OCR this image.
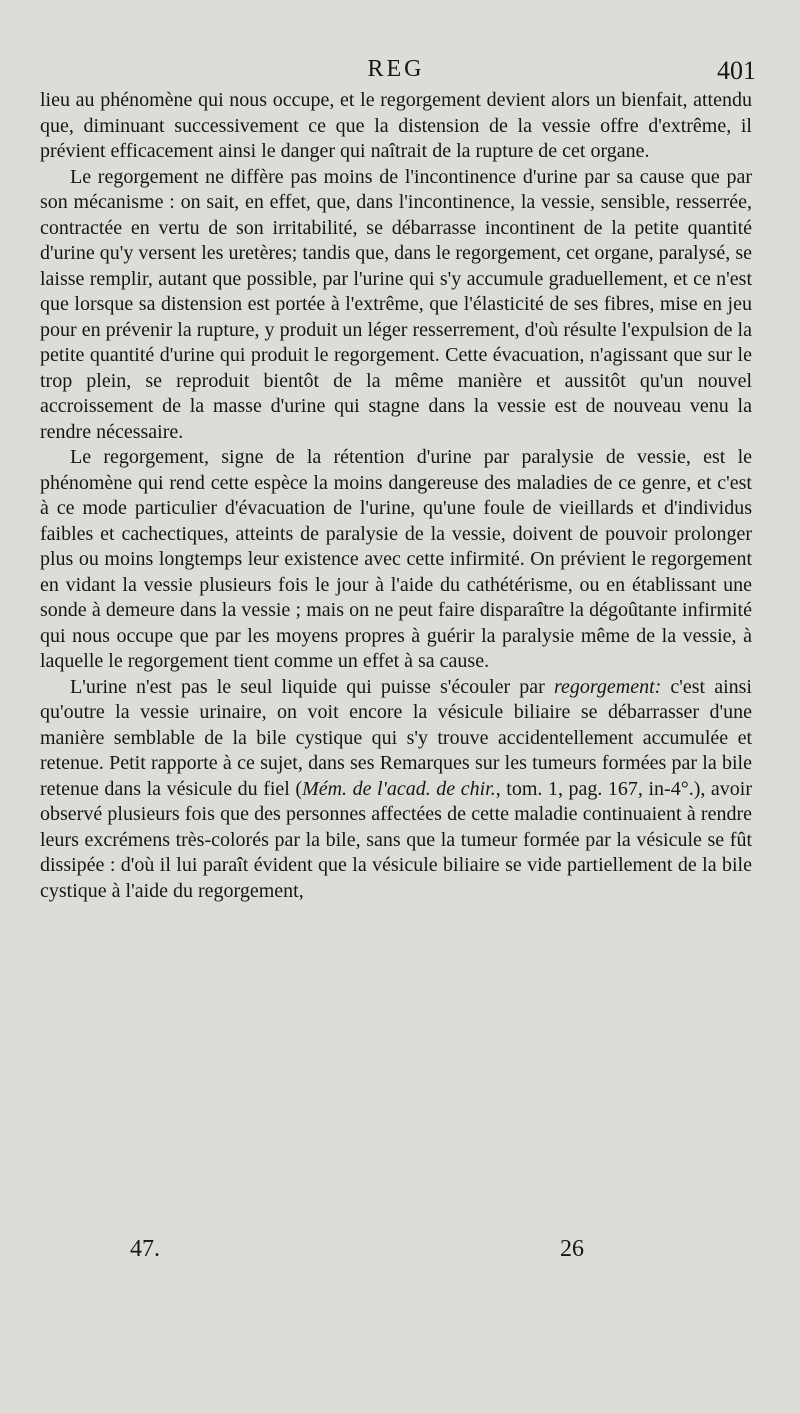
REG	401

lieu au phénomène qui nous occupe, et le regorgement devient alors un bienfait, attendu que, diminuant successivement ce que la distension de la vessie offre d'extrême, il prévient efficacement ainsi le danger qui naîtrait de la rupture de cet organe.

Le regorgement ne diffère pas moins de l'incontinence d'urine par sa cause que par son mécanisme : on sait, en effet, que, dans l'incontinence, la vessie, sensible, resserrée, contractée en vertu de son irritabilité, se débarrasse incontinent de la petite quantité d'urine qu'y versent les uretères; tandis que, dans le regorgement, cet organe, paralysé, se laisse remplir, autant que possible, par l'urine qui s'y accumule graduellement, et ce n'est que lorsque sa distension est portée à l'extrême, que l'élasticité de ses fibres, mise en jeu pour en prévenir la rupture, y produit un léger resserrement, d'où résulte l'expulsion de la petite quantité d'urine qui produit le regorgement. Cette évacuation, n'agissant que sur le trop plein, se reproduit bientôt de la même manière et aussitôt qu'un nouvel accroissement de la masse d'urine qui stagne dans la vessie est de nouveau venu la rendre nécessaire.

Le regorgement, signe de la rétention d'urine par paralysie de vessie, est le phénomène qui rend cette espèce la moins dangereuse des maladies de ce genre, et c'est à ce mode particulier d'évacuation de l'urine, qu'une foule de vieillards et d'individus faibles et cachectiques, atteints de paralysie de la vessie, doivent de pouvoir prolonger plus ou moins longtemps leur existence avec cette infirmité. On prévient le regorgement en vidant la vessie plusieurs fois le jour à l'aide du cathétérisme, ou en établissant une sonde à demeure dans la vessie ; mais on ne peut faire disparaître la dégoûtante infirmité qui nous occupe que par les moyens propres à guérir la paralysie même de la vessie, à laquelle le regorgement tient comme un effet à sa cause.

L'urine n'est pas le seul liquide qui puisse s'écouler par regorgement: c'est ainsi qu'outre la vessie urinaire, on voit encore la vésicule biliaire se débarrasser d'une manière semblable de la bile cystique qui s'y trouve accidentellement accumulée et retenue. Petit rapporte à ce sujet, dans ses Remarques sur les tumeurs formées par la bile retenue dans la vésicule du fiel (Mém. de l'acad. de chir., tom. 1, pag. 167, in-4°.), avoir observé plusieurs fois que des personnes affectées de cette maladie continuaient à rendre leurs excrémens très-colorés par la bile, sans que la tumeur formée par la vésicule se fût dissipée : d'où il lui paraît évident que la vésicule biliaire se vide partiellement de la bile cystique à l'aide du regorgement,

47.	26
